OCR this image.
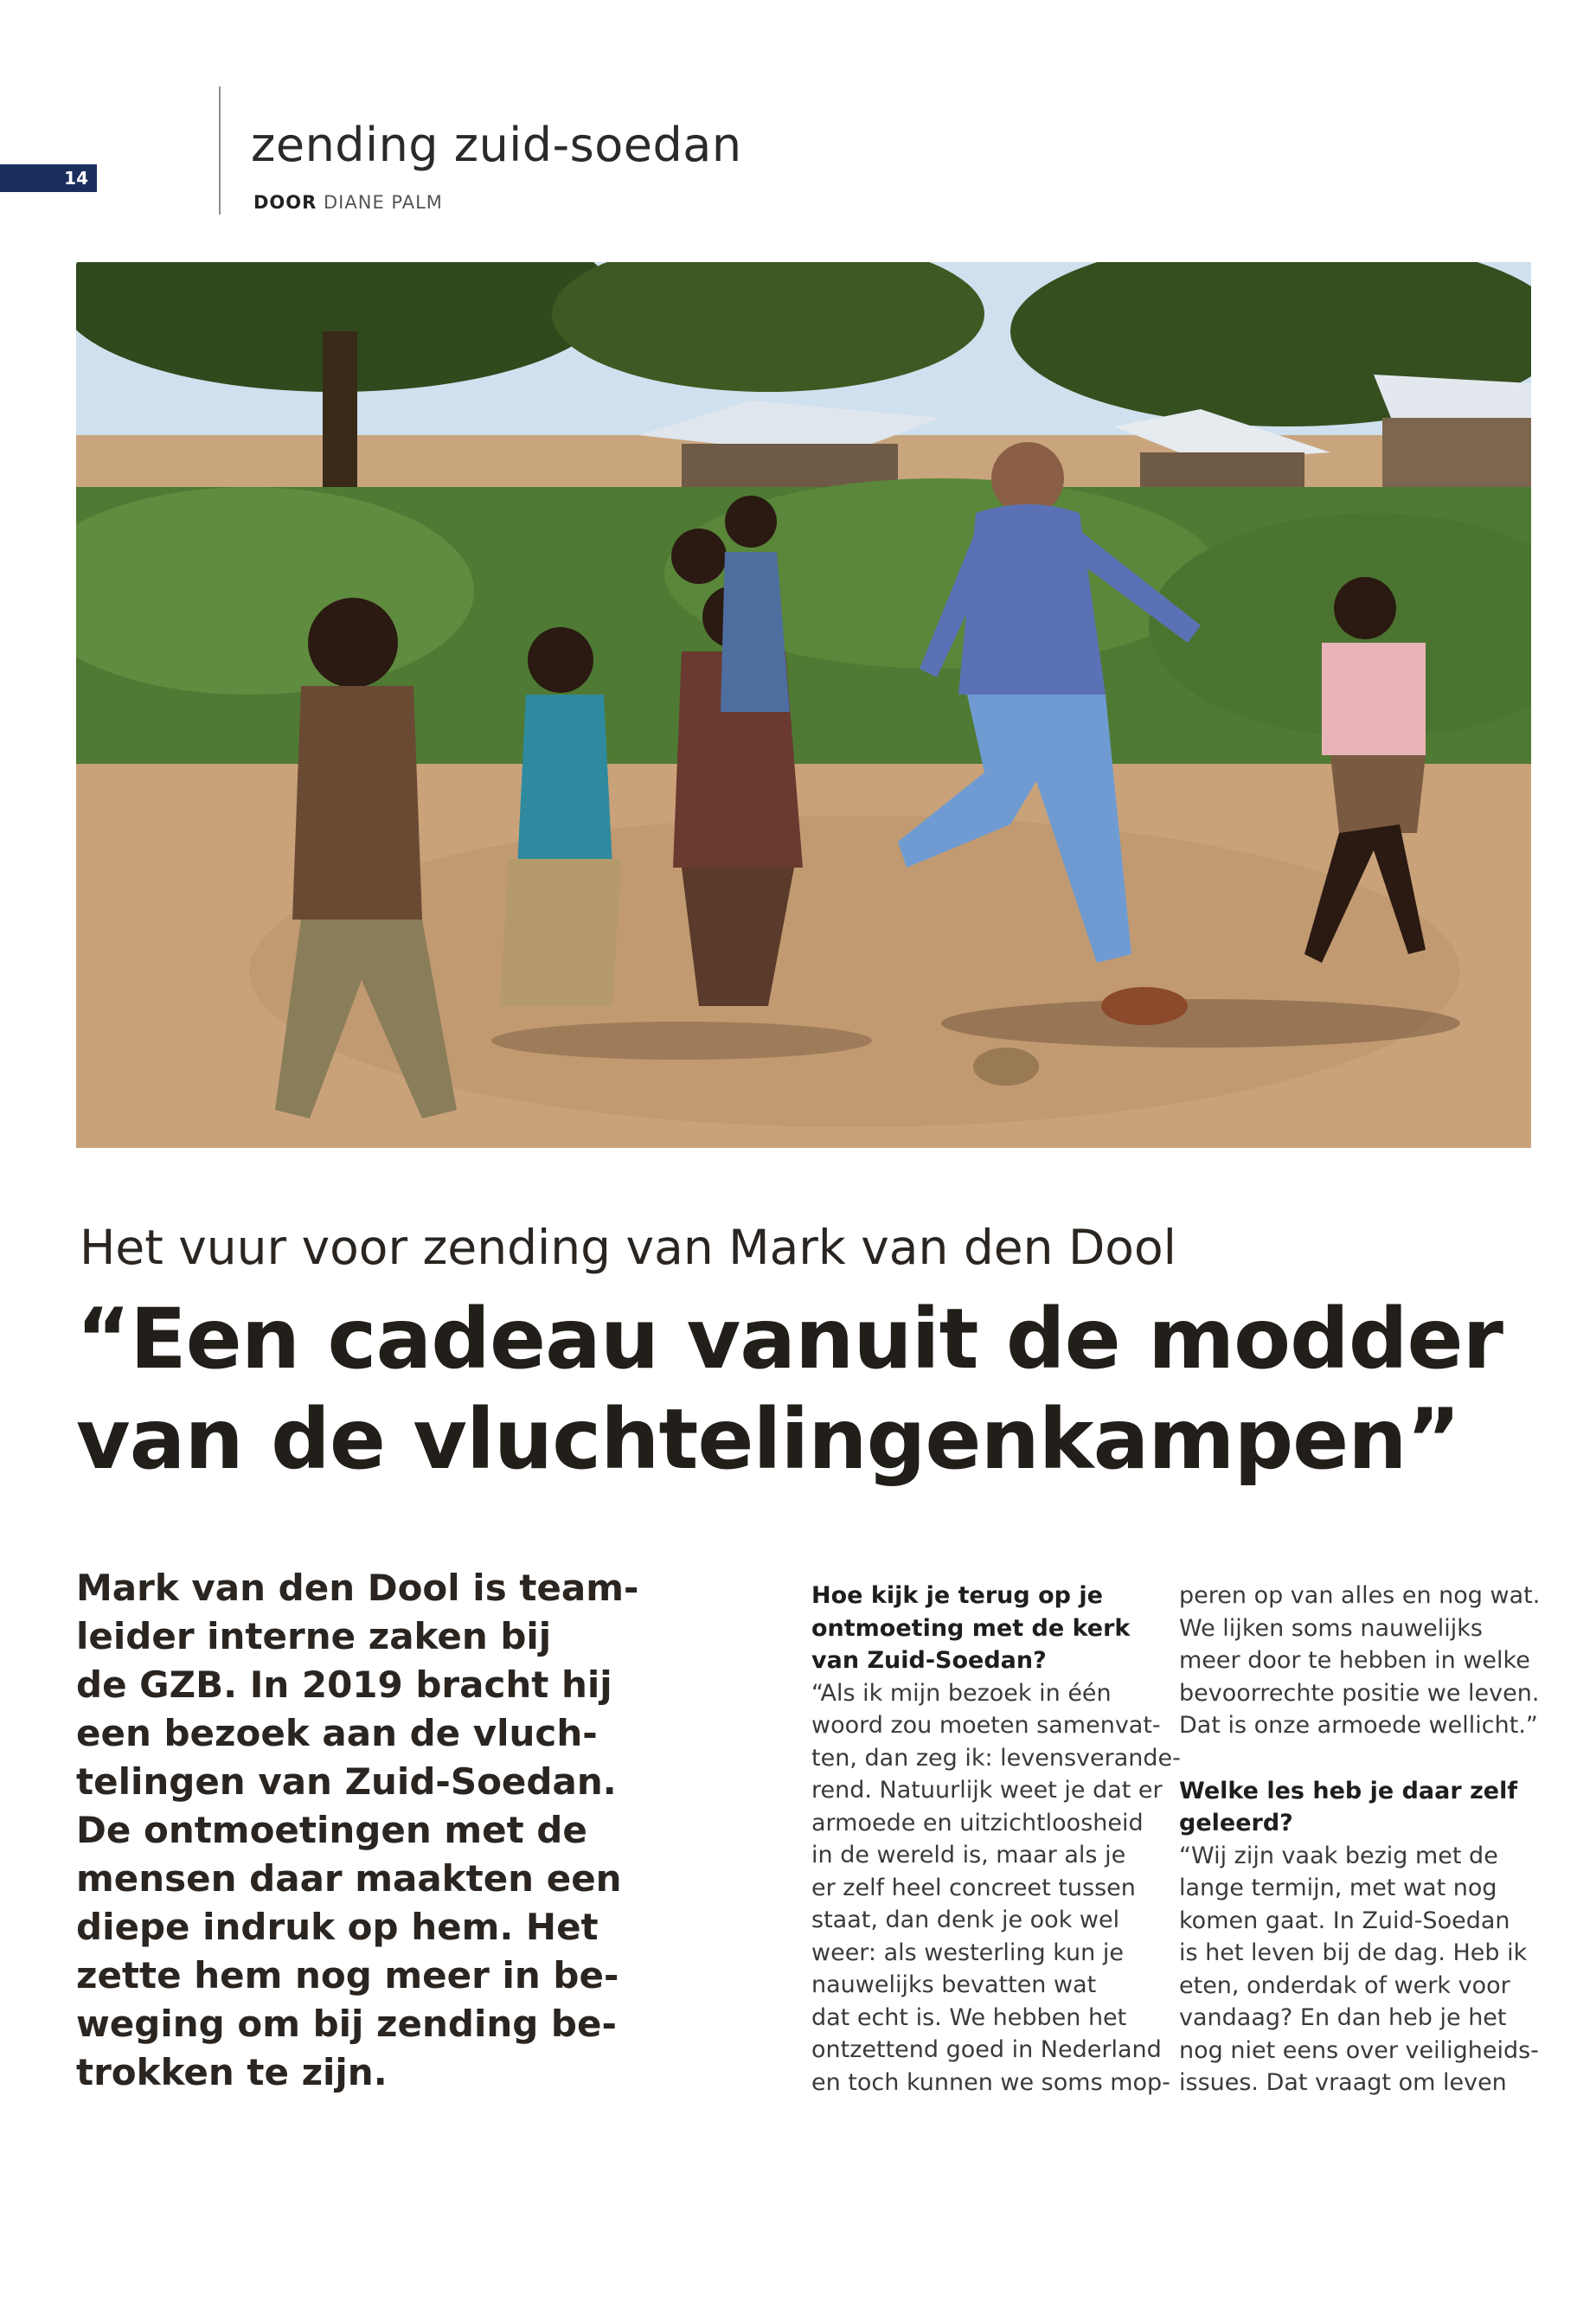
14
zending zuid-soedan
DOOR DIANE PALM
Het vuur voor zending van Mark van den Dool
“Een cadeau vanuit de modder
van de vluchtelingenkampen”
Mark van den Dool is team-
leider interne zaken bij
de GZB. In 2019 bracht hij
een bezoek aan de vluch-
telingen van Zuid-Soedan.
De ontmoetingen met de
mensen daar maakten een
diepe indruk op hem. Het
zette hem nog meer in be-
weging om bij zending be-
trokken te zijn.
Hoe kijk je terug op je
ontmoeting met de kerk
van Zuid-Soedan?
“Als ik mijn bezoek in één
woord zou moeten samenvat-
ten, dan zeg ik: levensverande-
rend. Natuurlijk weet je dat er
armoede en uitzichtloosheid
in de wereld is, maar als je
er zelf heel concreet tussen
staat, dan denk je ook wel
weer: als westerling kun je
nauwelijks bevatten wat
dat echt is. We hebben het
ontzettend goed in Nederland
en toch kunnen we soms mop-
peren op van alles en nog wat.
We lijken soms nauwelijks
meer door te hebben in welke
bevoorrechte positie we leven.
Dat is onze armoede wellicht.”
Welke les heb je daar zelf
geleerd?
“Wij zijn vaak bezig met de
lange termijn, met wat nog
komen gaat. In Zuid-Soedan
is het leven bij de dag. Heb ik
eten, onderdak of werk voor
vandaag? En dan heb je het
nog niet eens over veiligheids-
issues. Dat vraagt om leven
